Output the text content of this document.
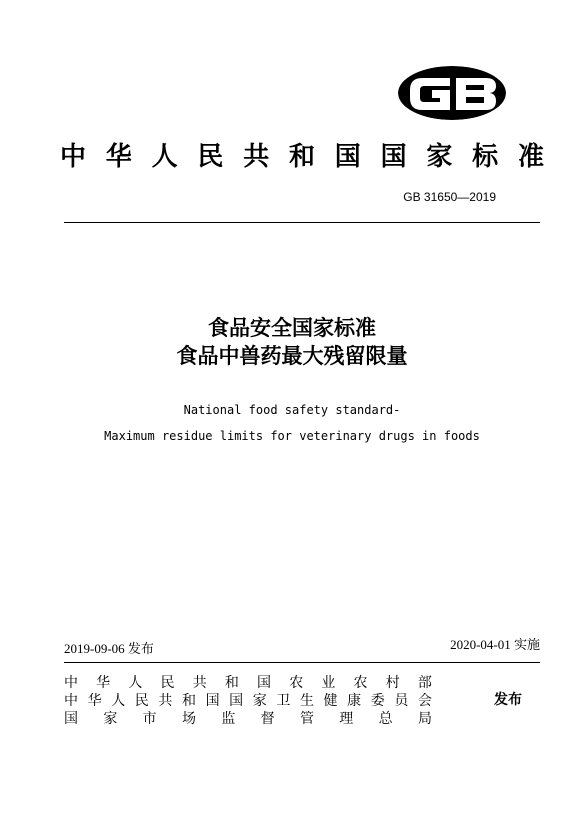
中 华 人 民 共 和 国 国 家 标 准
GB 31650—2019
食品安全国家标准
食品中兽药最大残留限量
National food safety standard-
Maximum residue limits for veterinary drugs in foods
2019-09-06 发布	2020-04-01 实施
中 华 人 民 共 和 国 农 业 农 村 部
中 华 人 民 共 和 国 国 家 卫 生 健 康 委 员 会
国 家 市 场 监 督 管 理 总 局
发布
